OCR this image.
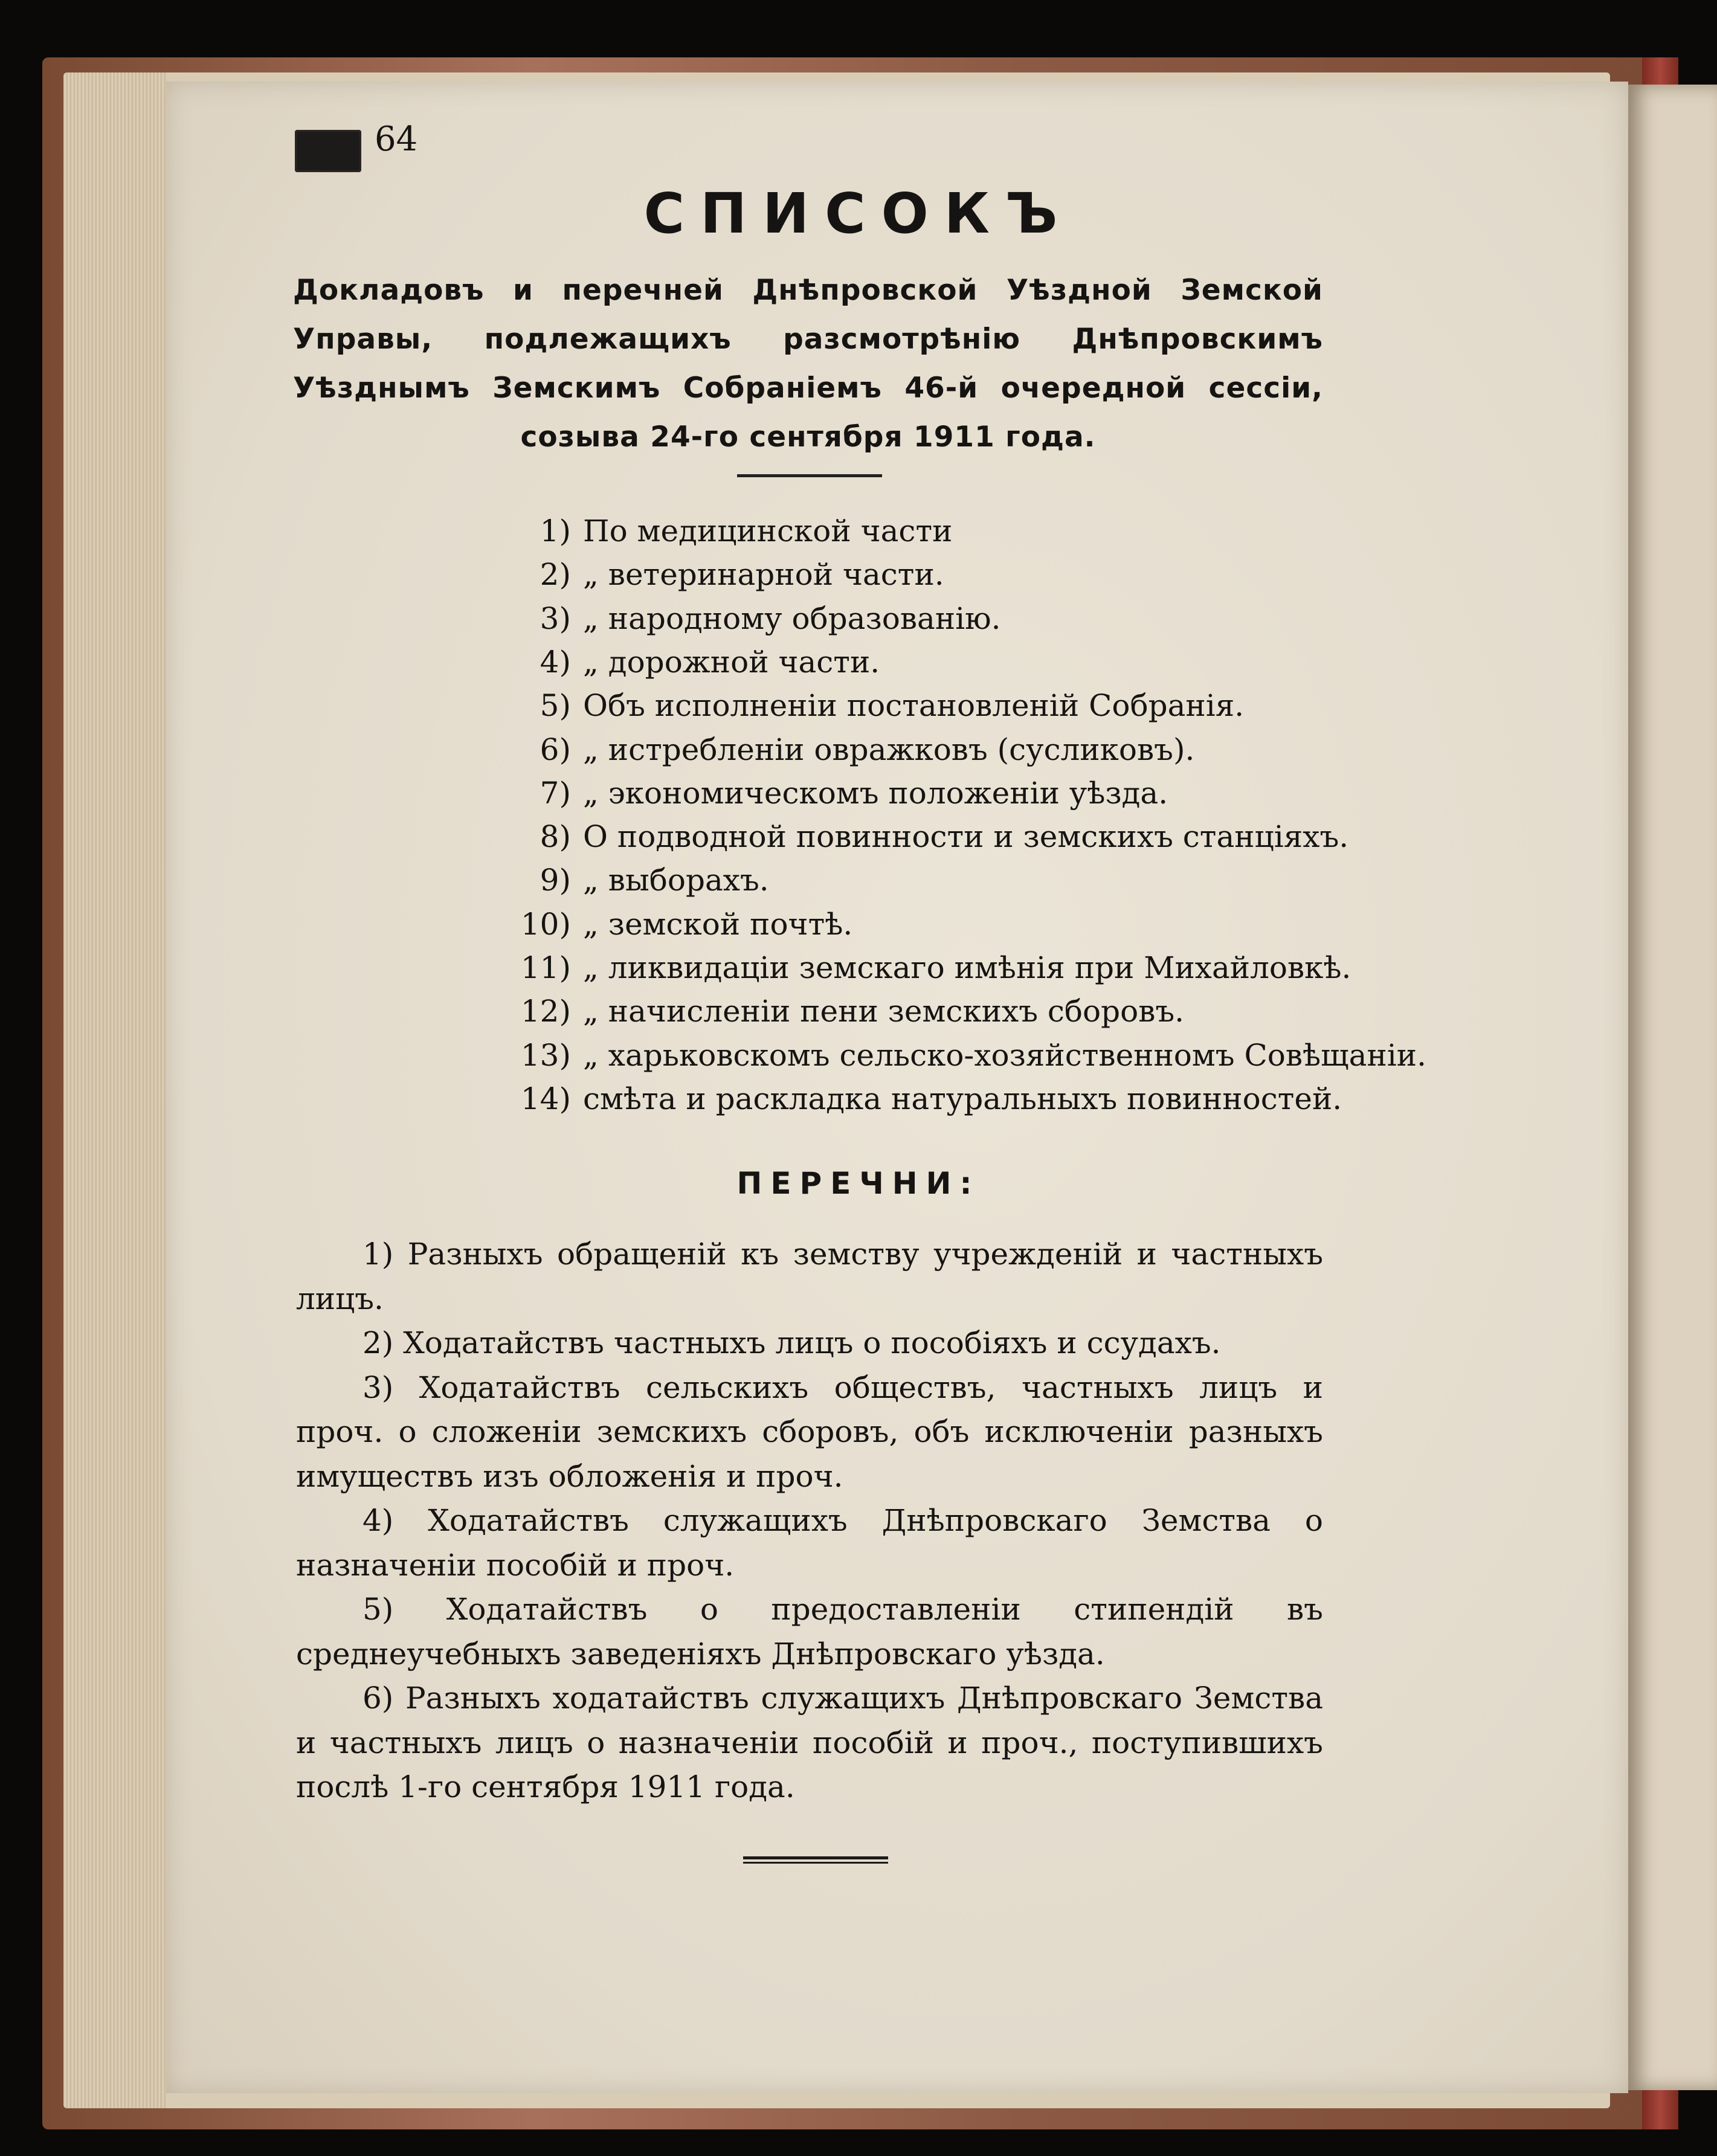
64
СПИСОКЪ
Докладовъ и перечней Днѣпровской Уѣздной Земской Управы, подлежащихъ разсмотрѣнію Днѣпровскимъ Уѣзднымъ Земскимъ Собраніемъ 46-й очередной сессіи, созыва 24-го сентября 1911 года.
1) По медицинской части
2) „ ветеринарной части.
3) „ народному образованію.
4) „ дорожной части.
5) Объ исполненіи постановленій Собранія.
6) „ истребленіи овражковъ (сусликовъ).
7) „ экономическомъ положеніи уѣзда.
8) О подводной повинности и земскихъ станціяхъ.
9) „ выборахъ.
10) „ земской почтѣ.
11) „ ликвидаціи земскаго имѣнія при Михайловкѣ.
12) „ начисленіи пени земскихъ сборовъ.
13) „ харьковскомъ сельско-хозяйственномъ Совѣщаніи.
14) смѣта и раскладка натуральныхъ повинностей.
ПЕРЕЧНИ:

1) Разныхъ обращеній къ земству учрежденій и частныхъ лицъ.

2) Ходатайствъ частныхъ лицъ о пособіяхъ и ссудахъ.

3) Ходатайствъ сельскихъ обществъ, частныхъ лицъ и проч. о сложеніи земскихъ сборовъ, объ исключеніи разныхъ имуществъ изъ обложенія и проч.

4) Ходатайствъ служащихъ Днѣпровскаго Земства о назначеніи пособій и проч.

5) Ходатайствъ о предоставленіи стипендій въ среднеучебныхъ заведеніяхъ Днѣпровскаго уѣзда.

6) Разныхъ ходатайствъ служащихъ Днѣпровскаго Земства и частныхъ лицъ о назначеніи пособій и проч., поступившихъ послѣ 1-го сентября 1911 года.
